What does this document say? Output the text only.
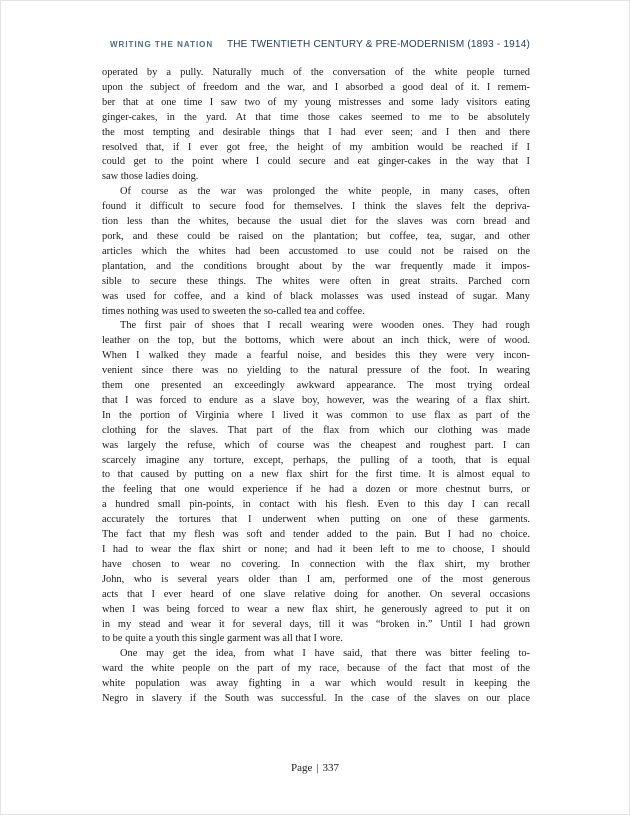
WRITING THE NATION THE TWENTIETH CENTURY & PRE-MODERNISM (1893 - 1914)
operated by a pully. Naturally much of the conversation of the white people turned
upon the subject of freedom and the war, and I absorbed a good deal of it. I remem-
ber that at one time I saw two of my young mistresses and some lady visitors eating
ginger-cakes, in the yard. At that time those cakes seemed to me to be absolutely
the most tempting and desirable things that I had ever seen; and I then and there
resolved that, if I ever got free, the height of my ambition would be reached if I
could get to the point where I could secure and eat ginger-cakes in the way that I
saw those ladies doing.
Of course as the war was prolonged the white people, in many cases, often
found it difficult to secure food for themselves. I think the slaves felt the depriva-
tion less than the whites, because the usual diet for the slaves was corn bread and
pork, and these could be raised on the plantation; but coffee, tea, sugar, and other
articles which the whites had been accustomed to use could not be raised on the
plantation, and the conditions brought about by the war frequently made it impos-
sible to secure these things. The whites were often in great straits. Parched corn
was used for coffee, and a kind of black molasses was used instead of sugar. Many
times nothing was used to sweeten the so-called tea and coffee.
The first pair of shoes that I recall wearing were wooden ones. They had rough
leather on the top, but the bottoms, which were about an inch thick, were of wood.
When I walked they made a fearful noise, and besides this they were very incon-
venient since there was no yielding to the natural pressure of the foot. In wearing
them one presented an exceedingly awkward appearance. The most trying ordeal
that I was forced to endure as a slave boy, however, was the wearing of a flax shirt.
In the portion of Virginia where I lived it was common to use flax as part of the
clothing for the slaves. That part of the flax from which our clothing was made
was largely the refuse, which of course was the cheapest and roughest part. I can
scarcely imagine any torture, except, perhaps, the pulling of a tooth, that is equal
to that caused by putting on a new flax shirt for the first time. It is almost equal to
the feeling that one would experience if he had a dozen or more chestnut burrs, or
a hundred small pin-points, in contact with his flesh. Even to this day I can recall
accurately the tortures that I underwent when putting on one of these garments.
The fact that my flesh was soft and tender added to the pain. But I had no choice.
I had to wear the flax shirt or none; and had it been left to me to choose, I should
have chosen to wear no covering. In connection with the flax shirt, my brother
John, who is several years older than I am, performed one of the most generous
acts that I ever heard of one slave relative doing for another. On several occasions
when I was being forced to wear a new flax shirt, he generously agreed to put it on
in my stead and wear it for several days, till it was “broken in.” Until I had grown
to be quite a youth this single garment was all that I wore.
One may get the idea, from what I have said, that there was bitter feeling to-
ward the white people on the part of my race, because of the fact that most of the
white population was away fighting in a war which would result in keeping the
Negro in slavery if the South was successful. In the case of the slaves on our place
Page | 337
